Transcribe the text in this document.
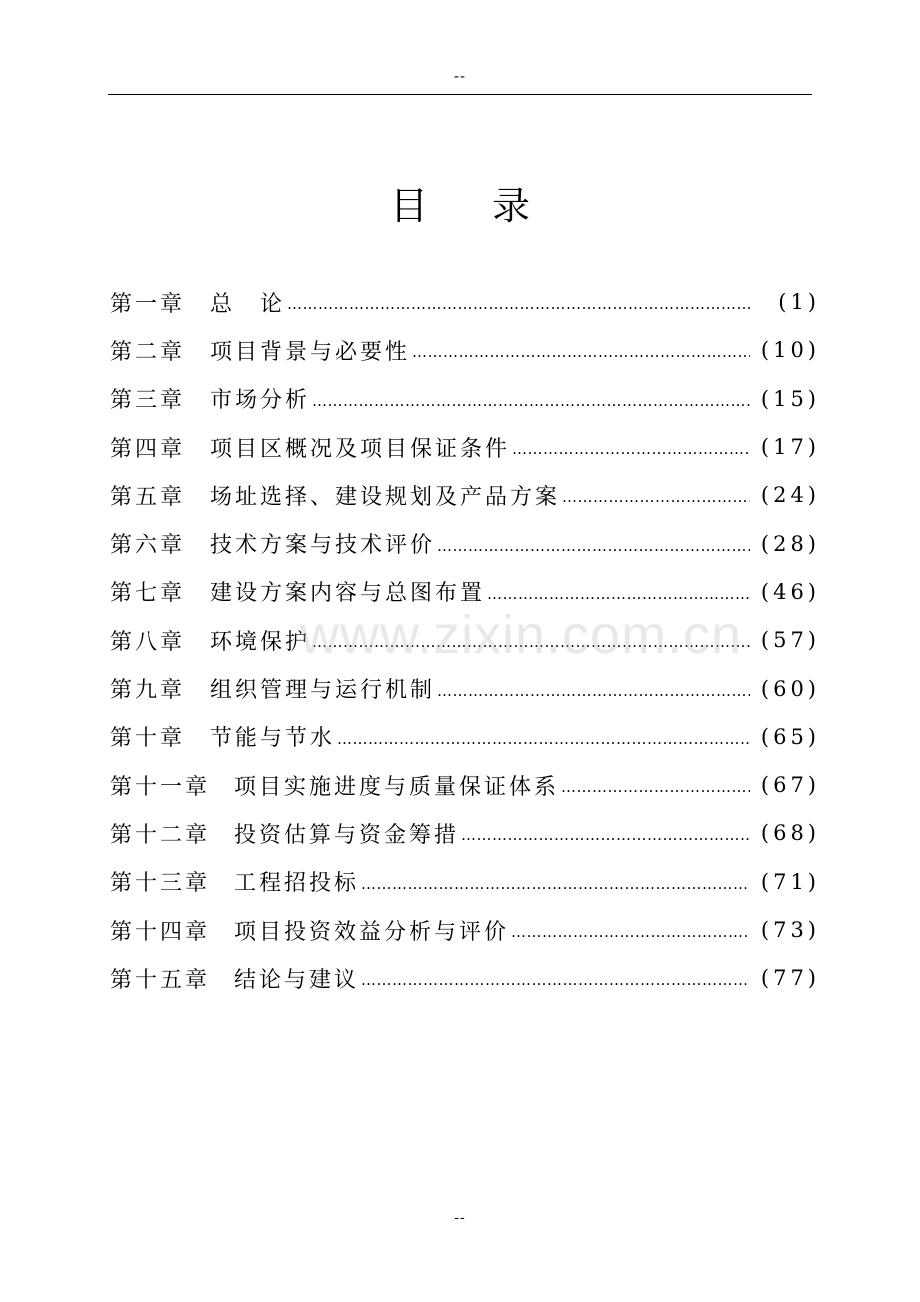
--
目 录
第一章	总　论 ……………………………………………………………………………………………………………………	(1)
第二章	项目背景与必要性 ……………………………………………………………………………………………………………………	(10)
第三章	市场分析 ……………………………………………………………………………………………………………………	(15)
第四章	项目区概况及项目保证条件 ……………………………………………………………………………………………………………………	(17)
第五章	场址选择、建设规划及产品方案 ……………………………………………………………………………………………………………………	(24)
第六章	技术方案与技术评价 ……………………………………………………………………………………………………………………	(28)
第七章	建设方案内容与总图布置 ……………………………………………………………………………………………………………………	(46)
第八章	环境保护 ……………………………………………………………………………………………………………………	(57)
第九章	组织管理与运行机制 ……………………………………………………………………………………………………………………	(60)
第十章	节能与节水 ……………………………………………………………………………………………………………………	(65)
第十一章	项目实施进度与质量保证体系 ……………………………………………………………………………………………………………………	(67)
第十二章	投资估算与资金筹措 ……………………………………………………………………………………………………………………	(68)
第十三章	工程招投标 ……………………………………………………………………………………………………………………	(71)
第十四章	项目投资效益分析与评价 ……………………………………………………………………………………………………………………	(73)
第十五章	结论与建议 ……………………………………………………………………………………………………………………	(77)
www.zixin.com.cn
--
